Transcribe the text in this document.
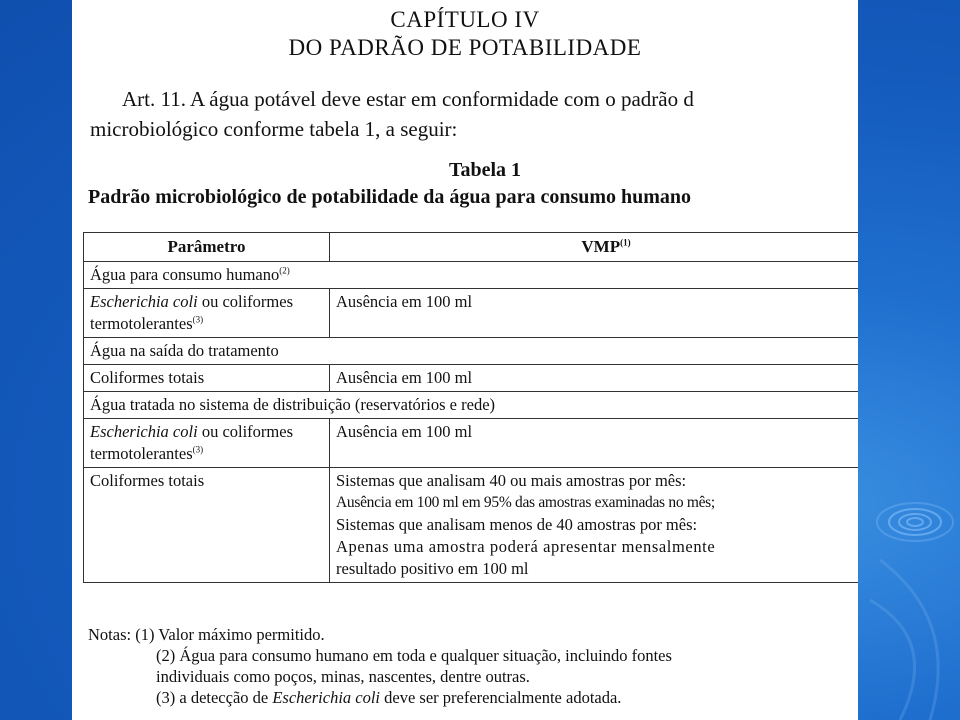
CAPÍTULO IV
DO PADRÃO DE POTABILIDADE
Art. 11. A água potável deve estar em conformidade com o padrão d
microbiológico conforme tabela 1, a seguir:
Tabela 1
Padrão microbiológico de potabilidade da água para consumo humano
Parâmetro	VMP$^{(1)}$
Água para consumo humano$^{(2)}$
Escherichia coli ou coliformes termotolerantes$^{(3)}$	Ausência em 100 ml
Água na saída do tratamento	
Coliformes totais	Ausência em 100 ml
Água tratada no sistema de distribuição (reservatórios e rede)	
Escherichia coli ou coliformes termotolerantes$^{(3)}$	Ausência em 100 ml
Coliformes totais	Sistemas que analisam 40 ou mais amostras por mês:
Ausência em 100 ml em 95% das amostras examinadas no mês;
Sistemas que analisam menos de 40 amostras por mês:
Apenas uma amostra poderá apresentar mensalmente
resultado positivo em 100 ml
Notas: (1) Valor máximo permitido.
(2) Água para consumo humano em toda e qualquer situação, incluindo fontes
individuais como poços, minas, nascentes, dentre outras.
(3) a detecção de Escherichia coli deve ser preferencialmente adotada.
